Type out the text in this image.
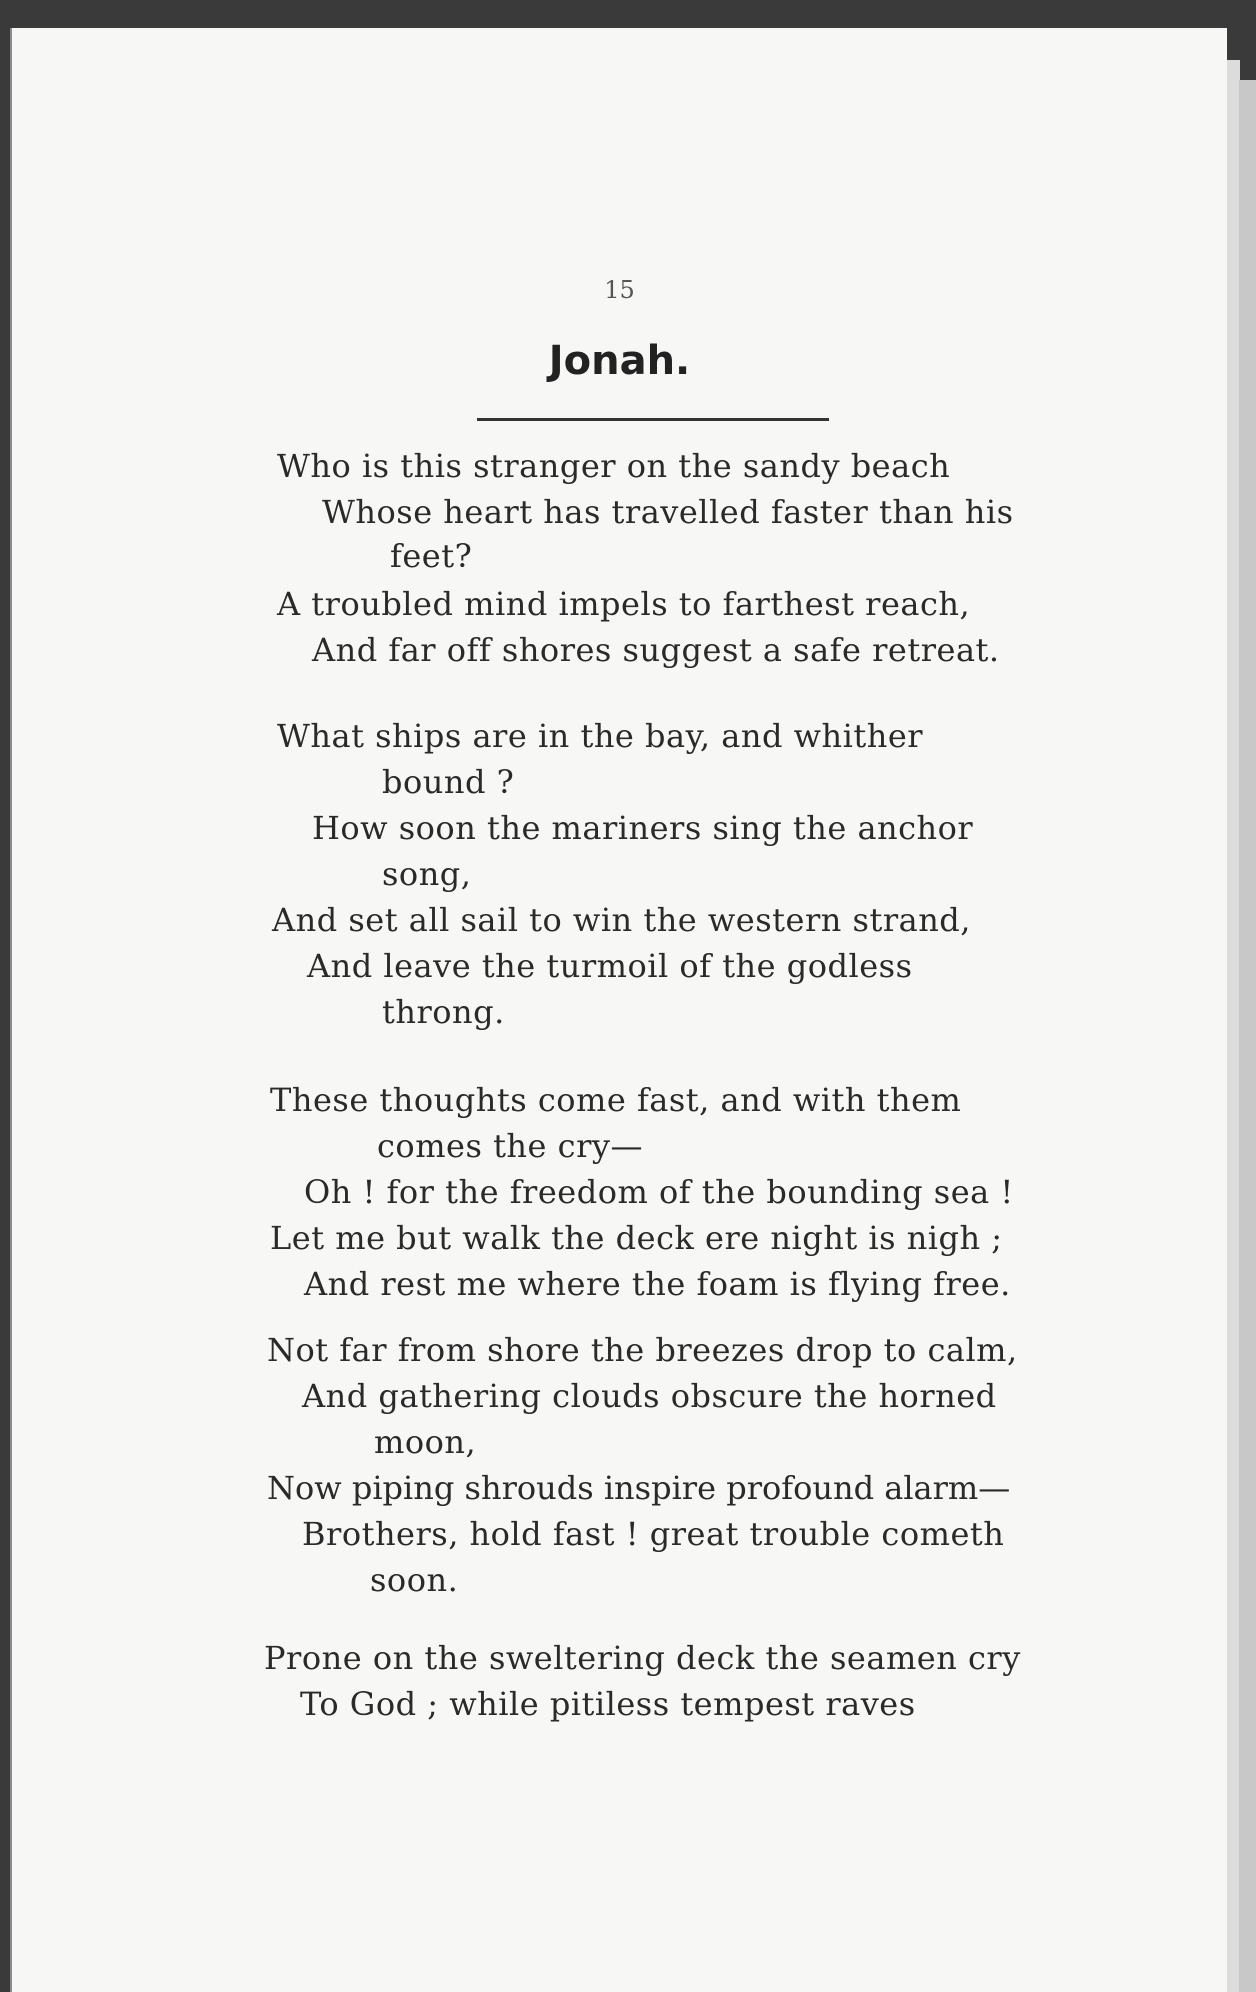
15
Jonah.
Who is this stranger on the sandy beach
Whose heart has travelled faster than his
feet?
A troubled mind impels to farthest reach,
And far off shores suggest a safe retreat.
What ships are in the bay, and whither
bound ?
How soon the mariners sing the anchor
song,
And set all sail to win the western strand,
And leave the turmoil of the godless
throng.
These thoughts come fast, and with them
comes the cry—
Oh ! for the freedom of the bounding sea !
Let me but walk the deck ere night is nigh ;
And rest me where the foam is flying free.
Not far from shore the breezes drop to calm,
And gathering clouds obscure the horned
moon,
Now piping shrouds inspire profound alarm—
Brothers, hold fast ! great trouble cometh
soon.
Prone on the sweltering deck the seamen cry
To God ; while pitiless tempest raves
